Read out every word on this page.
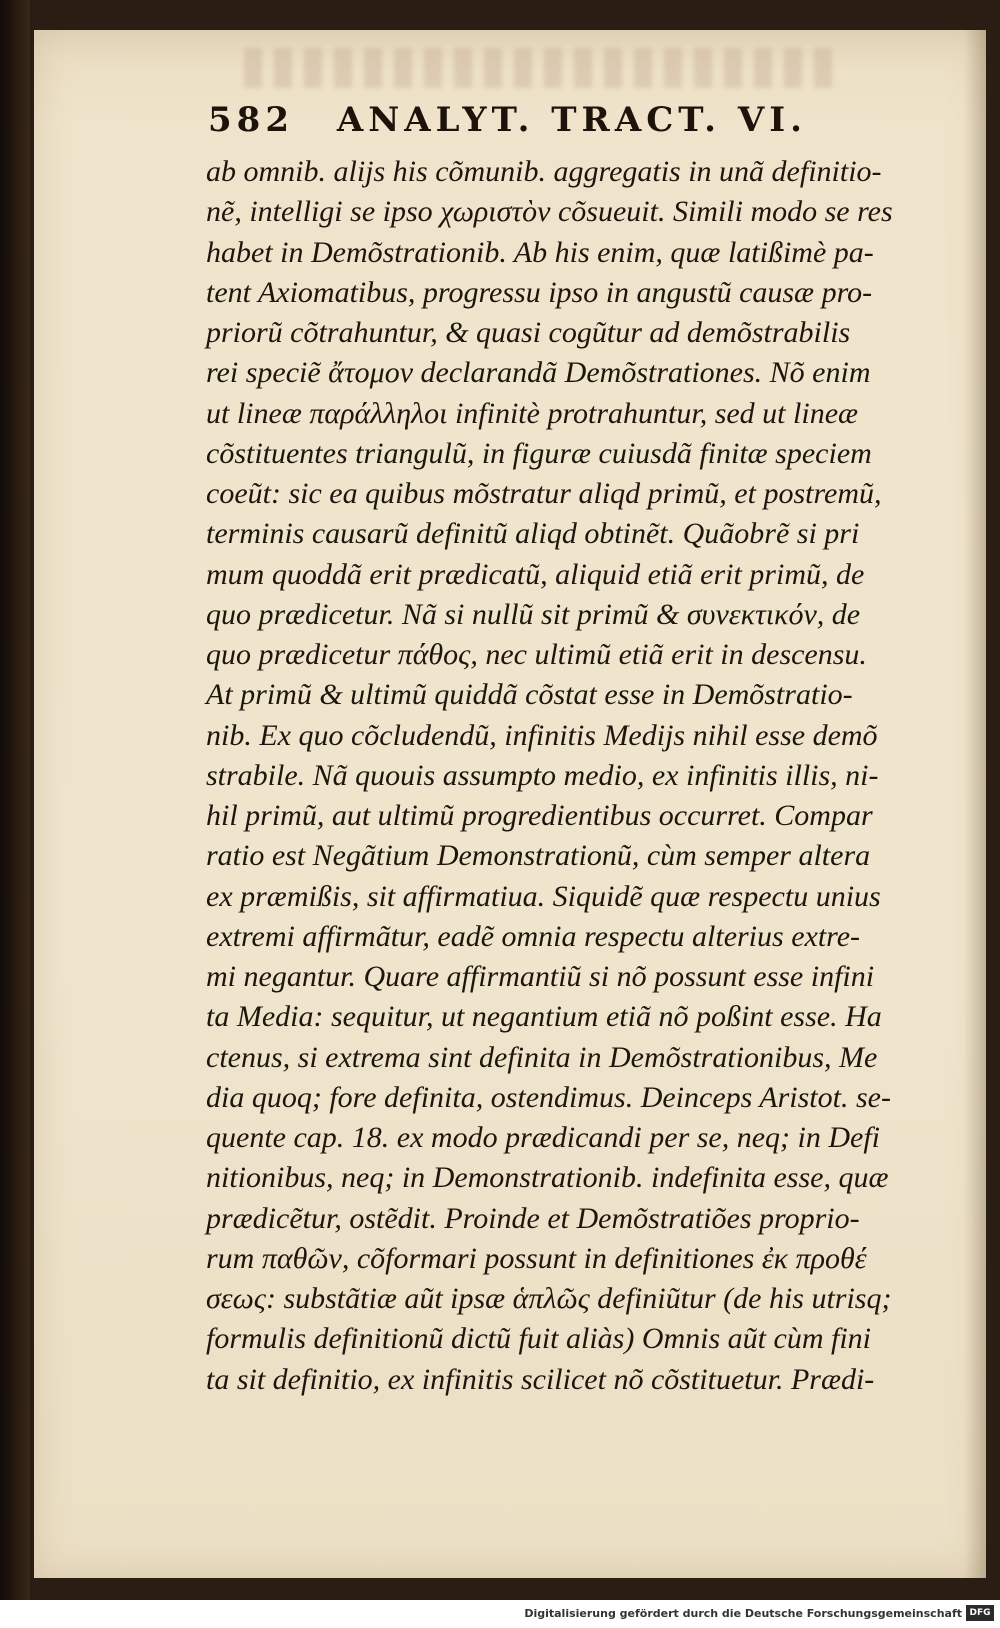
582 ANALYT. TRACT. VI.
ab omnib. alijs his cõmunib. aggregatis in unã definitio-
nẽ, intelligi se ipso χωριστὸν cõsueuit. Simili modo se res
habet in Demõstrationib. Ab his enim, quæ latißimè pa-
tent Axiomatibus, progressu ipso in angustũ causæ pro-
priorũ cõtrahuntur, & quasi cogũtur ad demõstrabilis
rei speciẽ ἄτομον declarandã Demõstrationes. Nõ enim
ut lineæ παράλληλοι infinitè protrahuntur, sed ut lineæ
cõstituentes triangulũ, in figuræ cuiusdã finitæ speciem
coeũt: sic ea quibus mõstratur aliqd primũ, et postremũ,
terminis causarũ definitũ aliqd obtinẽt. Quãobrẽ si pri
mum quoddã erit prædicatũ, aliquid etiã erit primũ, de
quo prædicetur. Nã si nullũ sit primũ & συνεκτικόν, de
quo prædicetur πάθος, nec ultimũ etiã erit in descensu.
At primũ & ultimũ quiddã cõstat esse in Demõstratio-
nib. Ex quo cõcludendũ, infinitis Medijs nihil esse demõ
strabile. Nã quouis assumpto medio, ex infinitis illis, ni-
hil primũ, aut ultimũ progredientibus occurret. Compar
ratio est Negãtium Demonstrationũ, cùm semper altera
ex præmißis, sit affirmatiua. Siquidẽ quæ respectu unius
extremi affirmãtur, eadẽ omnia respectu alterius extre-
mi negantur. Quare affirmantiũ si nõ possunt esse infini
ta Media: sequitur, ut negantium etiã nõ poßint esse. Ha
ctenus, si extrema sint definita in Demõstrationibus, Me
dia quoq; fore definita, ostendimus. Deinceps Aristot. se-
quente cap. 18. ex modo prædicandi per se, neq; in Defi
nitionibus, neq; in Demonstrationib. indefinita esse, quæ
prædicẽtur, ostẽdit. Proinde et Demõstratiões proprio-
rum παθῶν, cõformari possunt in definitiones ἐκ προθέ
σεως: substãtiæ aũt ipsæ ἁπλῶς definiũtur (de his utrisq;
formulis definitionũ dictũ fuit aliàs) Omnis aũt cùm fini
ta sit definitio, ex infinitis scilicet nõ cõstituetur. Prædi-
Digitalisierung gefördert durch die Deutsche Forschungsgemeinschaft DFG
